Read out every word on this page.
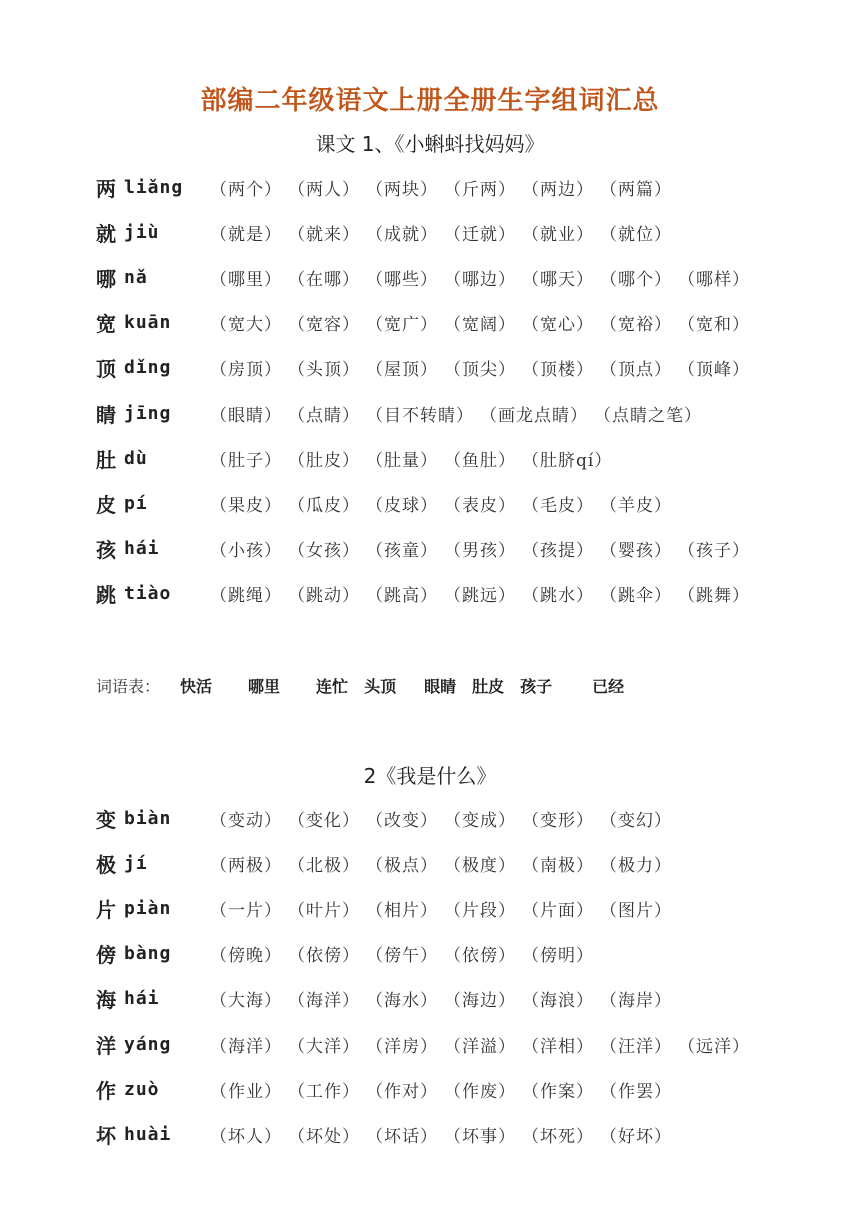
部编二年级语文上册全册生字组词汇总
课文 1、《小蝌蚪找妈妈》
两 liǎng	（两个） （两人） （两块） （斤两） （两边） （两篇）
就 jiù	（就是） （就来） （成就） （迁就） （就业） （就位）
哪 nǎ	（哪里） （在哪） （哪些） （哪边） （哪天） （哪个） （哪样）
宽 kuān	（宽大） （宽容） （宽广） （宽阔） （宽心） （宽裕） （宽和）
顶 dǐng	（房顶） （头顶） （屋顶） （顶尖） （顶楼） （顶点） （顶峰）
睛 jīng	（眼睛） （点睛） （目不转睛） （画龙点睛） （点睛之笔）
肚 dù	（肚子） （肚皮） （肚量） （鱼肚） （肚脐qí）
皮 pí	（果皮） （瓜皮） （皮球） （表皮） （毛皮） （羊皮）
孩 hái	（小孩） （女孩） （孩童） （男孩） （孩提） （婴孩） （孩子）
跳 tiào	（跳绳） （跳动） （跳高） （跳远） （跳水） （跳伞） （跳舞）
词语表： 快活 哪里 连忙 头顶 眼睛 肚皮 孩子	已经
2《我是什么》
变 biàn	（变动） （变化） （改变） （变成） （变形） （变幻）
极 jí	（两极） （北极） （极点） （极度） （南极） （极力）
片 piàn	（一片） （叶片） （相片） （片段） （片面） （图片）
傍 bàng	（傍晚） （依傍） （傍午） （依傍） （傍明）
海 hái	（大海） （海洋） （海水） （海边） （海浪） （海岸）
洋 yáng	（海洋） （大洋） （洋房） （洋溢） （洋相） （汪洋） （远洋）
作 zuò	（作业） （工作） （作对） （作废） （作案） （作罢）
坏 huài	（坏人） （坏处） （坏话） （坏事） （坏死） （好坏）
